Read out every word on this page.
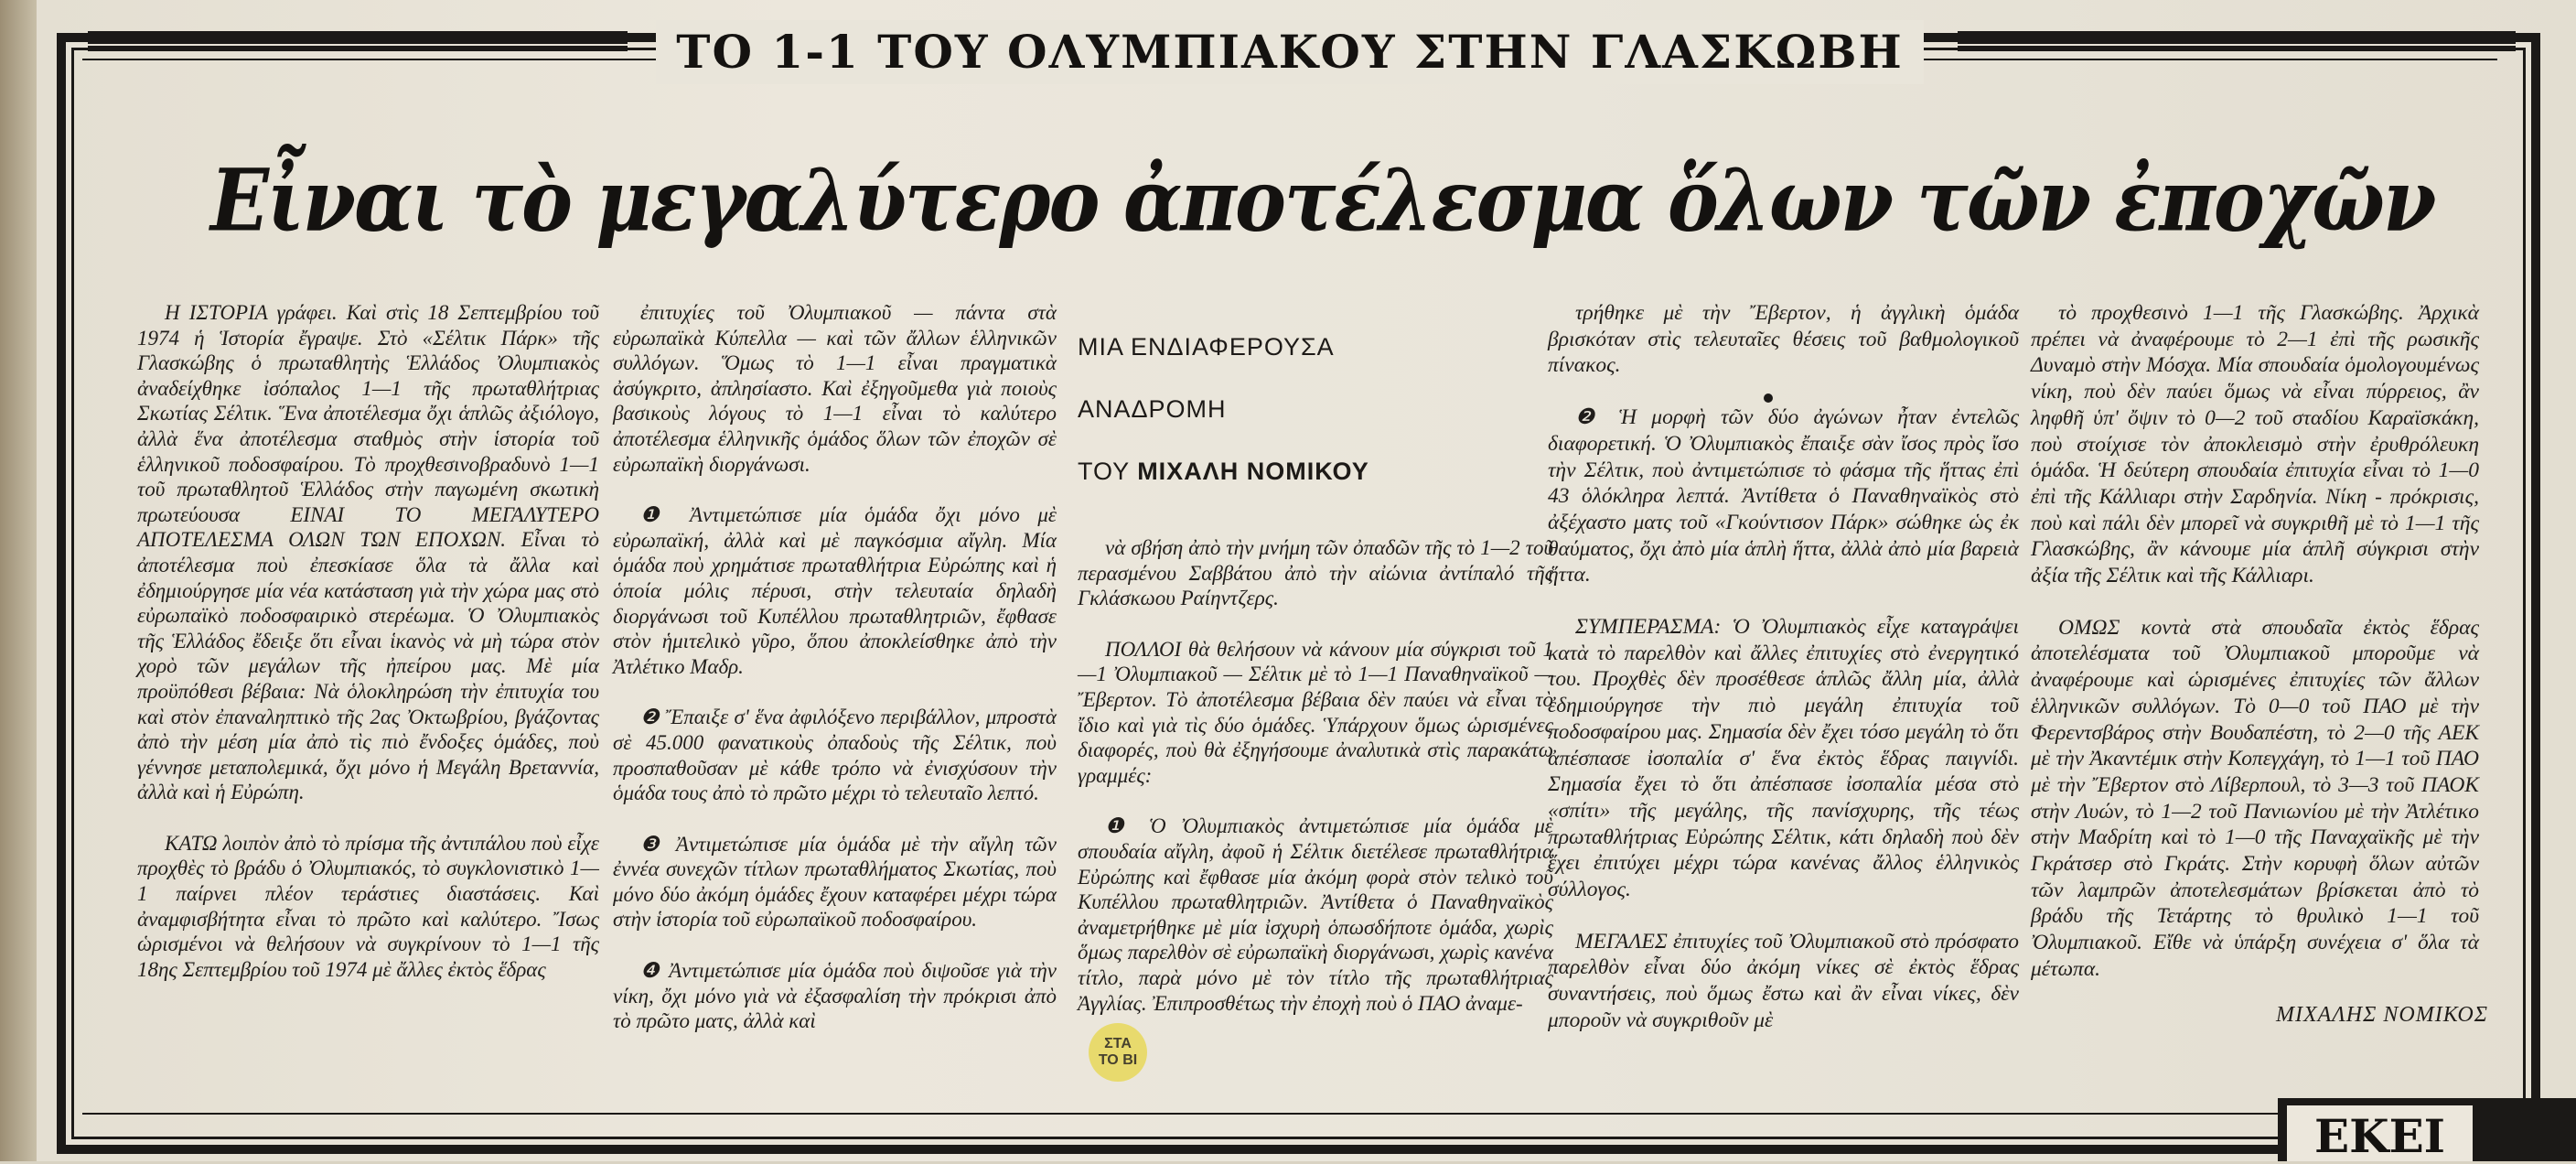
ΤΟ 1-1 ΤΟΥ ΟΛΥΜΠΙΑΚΟΥ ΣΤΗΝ ΓΛΑΣΚΩΒΗ
Εἶναι τὸ μεγαλύτερο ἀποτέλεσμα ὅλων τῶν ἐποχῶν

Η ΙΣΤΟΡΙΑ γράφει. Καὶ στὶς 18 Σεπτεμβρίου τοῦ 1974 ἡ Ἱστορία ἔγραψε. Στὸ «Σέλτικ Πάρκ» τῆς Γλασκώβης ὁ πρωταθλητὴς Ἑλλάδος Ὀλυμπιακὸς ἀναδείχθηκε ἰσόπαλος 1—1 τῆς πρωταθλήτριας Σκωτίας Σέλτικ. Ἕνα ἀποτέλεσμα ὄχι ἁπλῶς ἀξιόλογο, ἀλλὰ ἕνα ἀποτέλεσμα σταθμὸς στὴν ἱστορία τοῦ ἑλληνικοῦ ποδοσφαίρου. Τὸ προχθεσινοβραδυνὸ 1—1 τοῦ πρωταθλητοῦ Ἑλλάδος στὴν παγωμένη σκωτικὴ πρωτεύουσα ΕΙΝΑΙ ΤΟ ΜΕΓΑΛΥΤΕΡΟ ΑΠΟΤΕΛΕΣΜΑ ΟΛΩΝ ΤΩΝ ΕΠΟΧΩΝ. Εἶναι τὸ ἀποτέλεσμα ποὺ ἐπεσκίασε ὅλα τὰ ἄλλα καὶ ἐδημιούργησε μία νέα κατάσταση γιὰ τὴν χώρα μας στὸ εὐρωπαϊκὸ ποδοσφαιρικὸ στερέωμα. Ὁ Ὀλυμπιακὸς τῆς Ἑλλάδος ἔδειξε ὅτι εἶναι ἱκανὸς νὰ μὴ τώρα στὸν χορὸ τῶν μεγάλων τῆς ἠπείρου μας. Μὲ μία προϋπόθεσι βέβαια: Νὰ ὁλοκληρώση τὴν ἐπιτυχία του καὶ στὸν ἐπαναληπτικὸ τῆς 2ας Ὀκτωβρίου, βγάζοντας ἀπὸ τὴν μέση μία ἀπὸ τὶς πιὸ ἔνδοξες ὁμάδες, ποὺ γέννησε μεταπολεμικά, ὄχι μόνο ἡ Μεγάλη Βρεταννία, ἀλλὰ καὶ ἡ Εὐρώπη.

ΚΑΤΩ λοιπὸν ἀπὸ τὸ πρίσμα τῆς ἀντιπάλου ποὺ εἶχε προχθὲς τὸ βράδυ ὁ Ὀλυμπιακός, τὸ συγκλονιστικὸ 1—1 παίρνει πλέον τεράστιες διαστάσεις. Καὶ ἀναμφισβήτητα εἶναι τὸ πρῶτο καὶ καλύτερο. Ἴσως ὡρισμένοι νὰ θελήσουν νὰ συγκρίνουν τὸ 1—1 τῆς 18ης Σεπτεμβρίου τοῦ 1974 μὲ ἄλλες ἐκτὸς ἕδρας

ἐπιτυχίες τοῦ Ὀλυμπιακοῦ — πάντα στὰ εὐρωπαϊκὰ Κύπελλα — καὶ τῶν ἄλλων ἑλληνικῶν συλλόγων. Ὅμως τὸ 1—1 εἶναι πραγματικὰ ἀσύγκριτο, ἀπλησίαστο. Καὶ ἐξηγοῦμεθα γιὰ ποιοὺς βασικοὺς λόγους τὸ 1—1 εἶναι τὸ καλύτερο ἀποτέλεσμα ἑλληνικῆς ὁμάδος ὅλων τῶν ἐποχῶν σὲ εὐρωπαϊκὴ διοργάνωσι.

❶ Ἀντιμετώπισε μία ὁμάδα ὄχι μόνο μὲ εὐρωπαϊκή, ἀλλὰ καὶ μὲ παγκόσμια αἴγλη. Μία ὁμάδα ποὺ χρημάτισε πρωταθλήτρια Εὐρώπης καὶ ἡ ὁποία μόλις πέρυσι, στὴν τελευταία δηλαδὴ διοργάνωσι τοῦ Κυπέλλου πρωταθλητριῶν, ἔφθασε στὸν ἡμιτελικὸ γῦρο, ὅπου ἀποκλείσθηκε ἀπὸ τὴν Ἀτλέτικο Μαδρ.

❷ Ἔπαιξε σ' ἕνα ἀφιλόξενο περιβάλλον, μπροστὰ σὲ 45.000 φανατικοὺς ὀπαδοὺς τῆς Σέλτικ, ποὺ προσπαθοῦσαν μὲ κάθε τρόπο νὰ ἐνισχύσουν τὴν ὁμάδα τους ἀπὸ τὸ πρῶτο μέχρι τὸ τελευταῖο λεπτό.

❸ Ἀντιμετώπισε μία ὁμάδα μὲ τὴν αἴγλη τῶν ἐννέα συνεχῶν τίτλων πρωταθλήματος Σκωτίας, ποὺ μόνο δύο ἀκόμη ὁμάδες ἔχουν καταφέρει μέχρι τώρα στὴν ἱστορία τοῦ εὐρωπαϊκοῦ ποδοσφαίρου.

❹ Ἀντιμετώπισε μία ὁμάδα ποὺ διψοῦσε γιὰ τὴν νίκη, ὄχι μόνο γιὰ νὰ ἐξασφαλίση τὴν πρόκρισι ἀπὸ τὸ πρῶτο ματς, ἀλλὰ καὶ

ΜΙΑ ΕΝΔΙΑΦΕΡΟΥΣΑ
ΑΝΑΔΡΟΜΗ
ΤΟΥ ΜΙΧΑΛΗ ΝΟΜΙΚΟΥ

νὰ σβήση ἀπὸ τὴν μνήμη τῶν ὀπαδῶν τῆς τὸ 1—2 τοῦ περασμένου Σαββάτου ἀπὸ τὴν αἰώνια ἀντίπαλό τῆς Γκλάσκωου Ραίηντζερς.

ΠΟΛΛΟΙ θὰ θελήσουν νὰ κάνουν μία σύγκρισι τοῦ 1—1 Ὀλυμπιακοῦ — Σέλτικ μὲ τὸ 1—1 Παναθηναϊκοῦ — Ἔβερτον. Τὸ ἀποτέλεσμα βέβαια δὲν παύει νὰ εἶναι τὸ ἴδιο καὶ γιὰ τὶς δύο ὁμάδες. Ὑπάρχουν ὅμως ὡρισμένες διαφορές, ποὺ θὰ ἐξηγήσουμε ἀναλυτικὰ στὶς παρακάτω γραμμές:

❶ Ὁ Ὀλυμπιακὸς ἀντιμετώπισε μία ὁμάδα μὲ σπουδαία αἴγλη, ἀφοῦ ἡ Σέλτικ διετέλεσε πρωταθλήτρια Εὐρώπης καὶ ἔφθασε μία ἀκόμη φορὰ στὸν τελικὸ τοῦ Κυπέλλου πρωταθλητριῶν. Ἀντίθετα ὁ Παναθηναϊκὸς ἀναμετρήθηκε μὲ μία ἰσχυρὴ ὁπωσδήποτε ὁμάδα, χωρὶς ὅμως παρελθὸν σὲ εὐρωπαϊκὴ διοργάνωσι, χωρὶς κανένα τίτλο, παρὰ μόνο μὲ τὸν τίτλο τῆς πρωταθλήτριας Ἀγγλίας. Ἐπιπροσθέτως τὴν ἐποχὴ ποὺ ὁ ΠΑΟ ἀναμε-

τρήθηκε μὲ τὴν Ἔβερτον, ἡ ἀγγλικὴ ὁμάδα βρισκόταν στὶς τελευταῖες θέσεις τοῦ βαθμολογικοῦ πίνακος.

❷ Ἡ μορφὴ τῶν δύο ἀγώνων ἦταν ἐντελῶς διαφορετική. Ὁ Ὀλυμπιακὸς ἔπαιξε σὰν ἴσος πρὸς ἴσο τὴν Σέλτικ, ποὺ ἀντιμετώπισε τὸ φάσμα τῆς ἥττας ἐπὶ 43 ὁλόκληρα λεπτά. Ἀντίθετα ὁ Παναθηναϊκὸς στὸ ἀξέχαστο ματς τοῦ «Γκούντισον Πάρκ» σώθηκε ὡς ἐκ θαύματος, ὄχι ἀπὸ μία ἁπλὴ ἥττα, ἀλλὰ ἀπὸ μία βαρειὰ ἥττα.

ΣΥΜΠΕΡΑΣΜΑ: Ὁ Ὀλυμπιακὸς εἶχε καταγράψει κατὰ τὸ παρελθὸν καὶ ἄλλες ἐπιτυχίες στὸ ἐνεργητικό του. Προχθὲς δὲν προσέθεσε ἁπλῶς ἄλλη μία, ἀλλὰ ἐδημιούργησε τὴν πιὸ μεγάλη ἐπιτυχία τοῦ ποδοσφαίρου μας. Σημασία δὲν ἔχει τόσο μεγάλη τὸ ὅτι ἀπέσπασε ἰσοπαλία σ' ἕνα ἐκτὸς ἕδρας παιγνίδι. Σημασία ἔχει τὸ ὅτι ἀπέσπασε ἰσοπαλία μέσα στὸ «σπίτι» τῆς μεγάλης, τῆς πανίσχυρης, τῆς τέως πρωταθλήτριας Εὐρώπης Σέλτικ, κάτι δηλαδὴ ποὺ δὲν ἔχει ἐπιτύχει μέχρι τώρα κανένας ἄλλος ἑλληνικὸς σύλλογος.

ΜΕΓΑΛΕΣ ἐπιτυχίες τοῦ Ὀλυμπιακοῦ στὸ πρόσφατο παρελθὸν εἶναι δύο ἀκόμη νίκες σὲ ἐκτὸς ἕδρας συναντήσεις, ποὺ ὅμως ἔστω καὶ ἂν εἶναι νίκες, δὲν μποροῦν νὰ συγκριθοῦν μὲ

τὸ προχθεσινὸ 1—1 τῆς Γλασκώβης. Ἀρχικὰ πρέπει νὰ ἀναφέρουμε τὸ 2—1 ἐπὶ τῆς ρωσικῆς Δυναμὸ στὴν Μόσχα. Μία σπουδαία ὁμολογουμένως νίκη, ποὺ δὲν παύει ὅμως νὰ εἶναι πύρρειος, ἂν ληφθῆ ὑπ' ὄψιν τὸ 0—2 τοῦ σταδίου Καραϊσκάκη, ποὺ στοίχισε τὸν ἀποκλεισμὸ στὴν ἐρυθρόλευκη ὁμάδα. Ἡ δεύτερη σπουδαία ἐπιτυχία εἶναι τὸ 1—0 ἐπὶ τῆς Κάλλιαρι στὴν Σαρδηνία. Νίκη - πρόκρισις, ποὺ καὶ πάλι δὲν μπορεῖ νὰ συγκριθῆ μὲ τὸ 1—1 τῆς Γλασκώβης, ἂν κάνουμε μία ἁπλῆ σύγκρισι στὴν ἀξία τῆς Σέλτικ καὶ τῆς Κάλλιαρι.

ΟΜΩΣ κοντὰ στὰ σπουδαῖα ἐκτὸς ἕδρας ἀποτελέσματα τοῦ Ὀλυμπιακοῦ μποροῦμε νὰ ἀναφέρουμε καὶ ὡρισμένες ἐπιτυχίες τῶν ἄλλων ἑλληνικῶν συλλόγων. Τὸ 0—0 τοῦ ΠΑΟ μὲ τὴν Φερεντσβάρος στὴν Βουδαπέστη, τὸ 2—0 τῆς ΑΕΚ μὲ τὴν Ἀκαντέμικ στὴν Κοπεγχάγη, τὸ 1—1 τοῦ ΠΑΟ μὲ τὴν Ἔβερτον στὸ Λίβερπουλ, τὸ 3—3 τοῦ ΠΑΟΚ στὴν Λυών, τὸ 1—2 τοῦ Πανιωνίου μὲ τὴν Ἀτλέτικο στὴν Μαδρίτη καὶ τὸ 1—0 τῆς Παναχαϊκῆς μὲ τὴν Γκράτσερ στὸ Γκράτς. Στὴν κορυφὴ ὅλων αὐτῶν τῶν λαμπρῶν ἀποτελεσμάτων βρίσκεται ἀπὸ τὸ βράδυ τῆς Τετάρτης τὸ θρυλικὸ 1—1 τοῦ Ὀλυμπιακοῦ. Εἴθε νὰ ὑπάρξη συνέχεια σ' ὅλα τὰ μέτωπα.

ΜΙΧΑΛΗΣ ΝΟΜΙΚΟΣ
ΣΤΑ
ΤΟ ΒΙ
ΕΚΕΙ
